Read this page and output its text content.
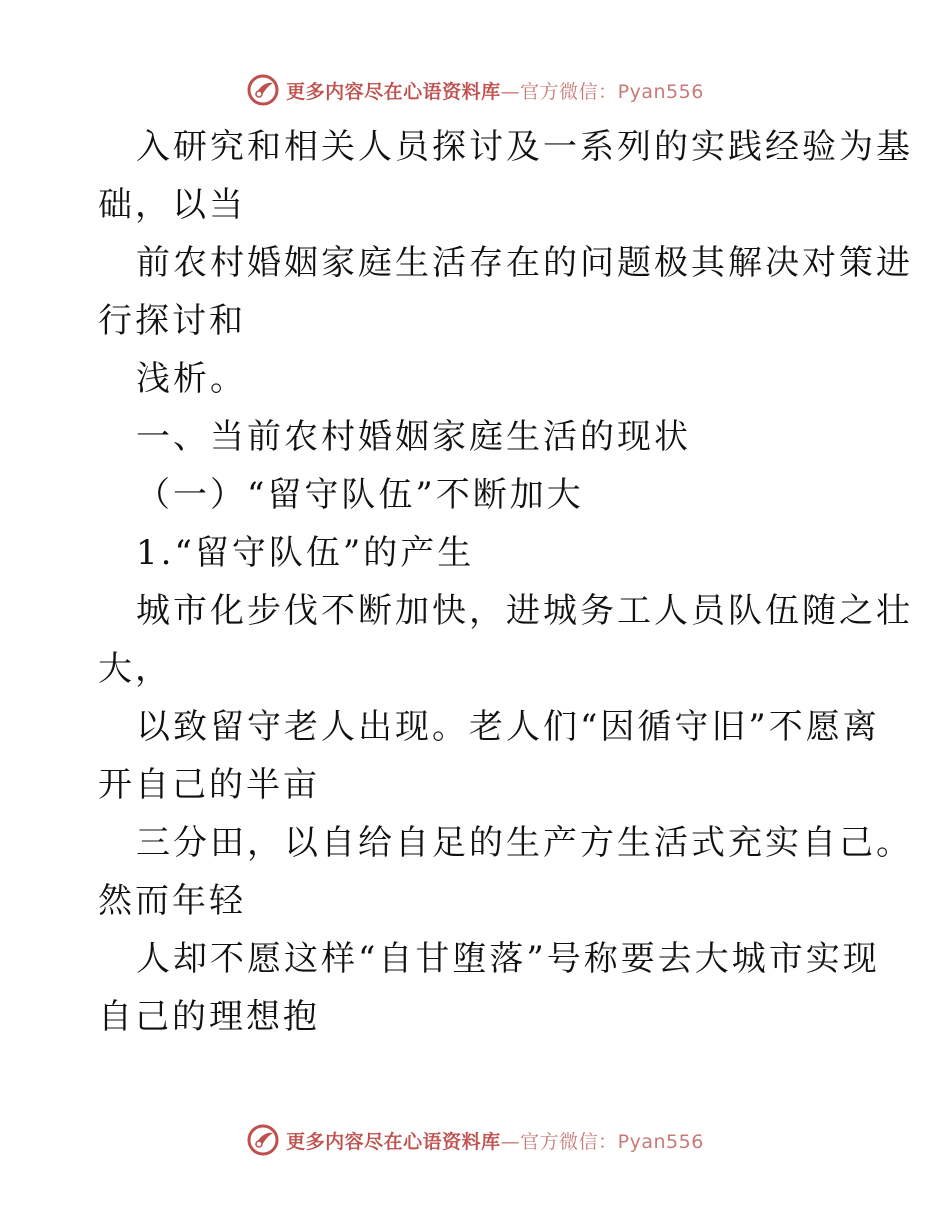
更多内容尽在心语资料库—官方微信：Pyan556
入研究和相关人员探讨及一系列的实践经验为基
础，以当
前农村婚姻家庭生活存在的问题极其解决对策进
行探讨和
浅析。
一、当前农村婚姻家庭生活的现状
（一）“留守队伍”不断加大
1.“留守队伍”的产生
城市化步伐不断加快，进城务工人员队伍随之壮
大，
以致留守老人出现。老人们“因循守旧”不愿离
开自己的半亩
三分田，以自给自足的生产方生活式充实自己。
然而年轻
人却不愿这样“自甘堕落”号称要去大城市实现
自己的理想抱
更多内容尽在心语资料库—官方微信：Pyan556
